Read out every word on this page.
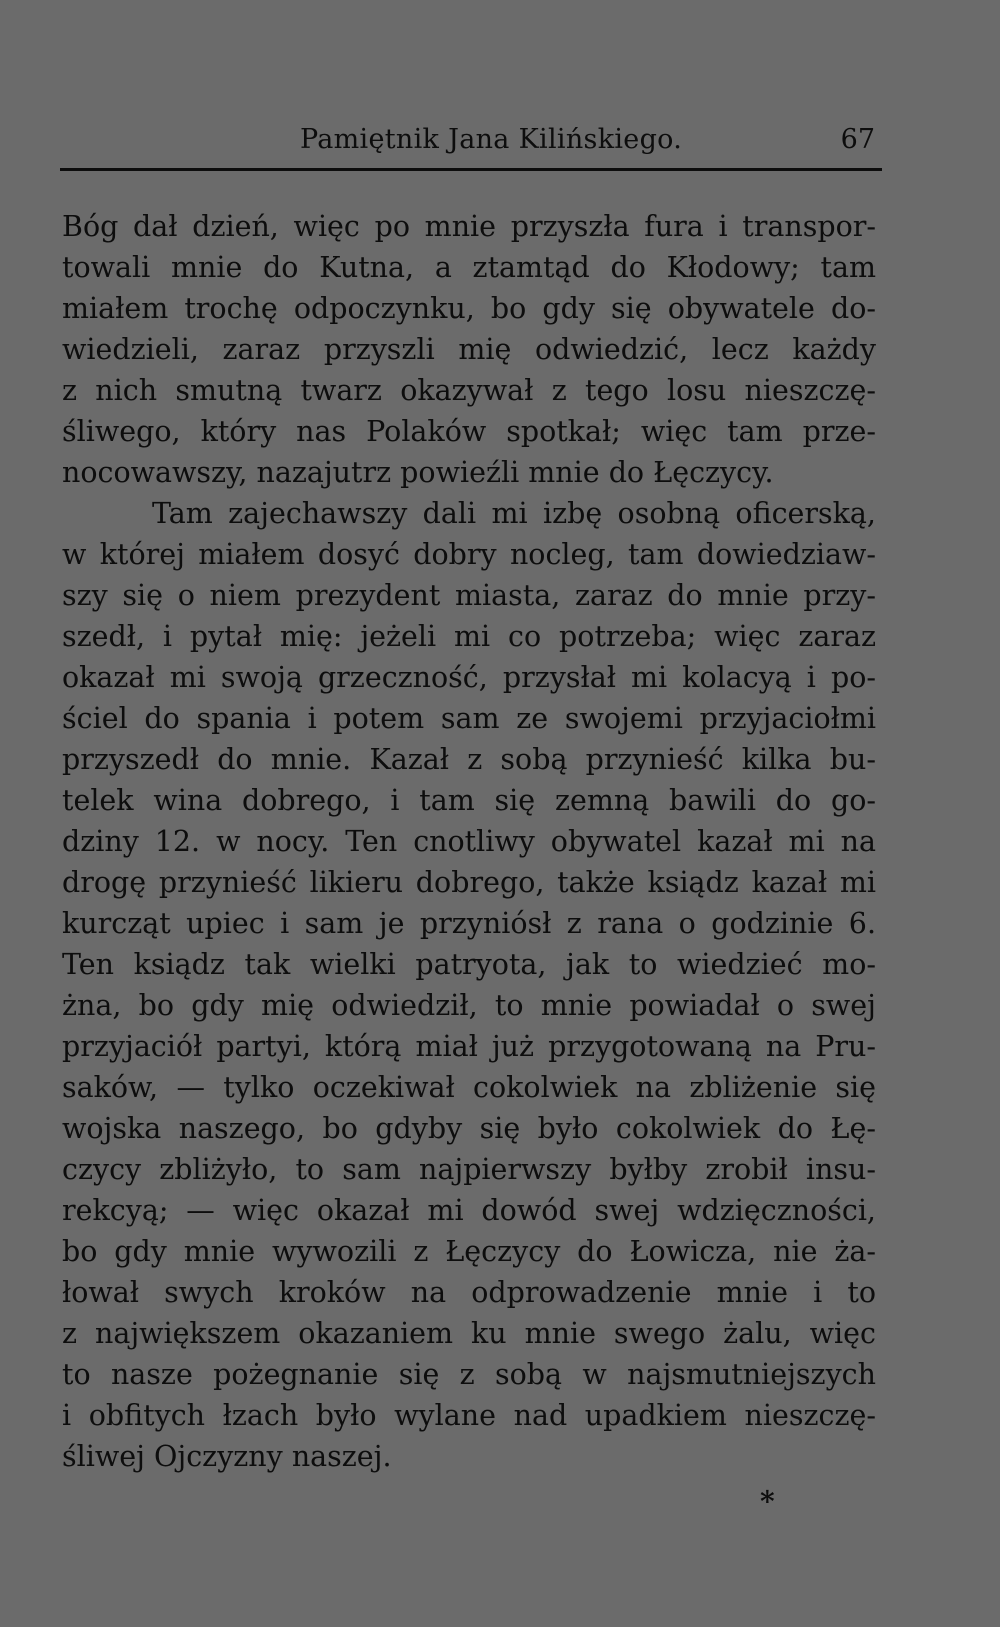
Pamiętnik Jana Kilińskiego.	67
Bóg dał dzień, więc po mnie przyszła fura i transpor-
towali mnie do Kutna, a ztamtąd do Kłodowy; tam
miałem trochę odpoczynku, bo gdy się obywatele do-
wiedzieli, zaraz przyszli mię odwiedzić, lecz każdy
z nich smutną twarz okazywał z tego losu nieszczę-
śliwego, który nas Polaków spotkał; więc tam prze-
nocowawszy, nazajutrz powieźli mnie do Łęczycy.
Tam zajechawszy dali mi izbę osobną oficerską,
w której miałem dosyć dobry nocleg, tam dowiedziaw-
szy się o niem prezydent miasta, zaraz do mnie przy-
szedł, i pytał mię: jeżeli mi co potrzeba; więc zaraz
okazał mi swoją grzeczność, przysłał mi kolacyą i po-
ściel do spania i potem sam ze swojemi przyjaciołmi
przyszedł do mnie. Kazał z sobą przynieść kilka bu-
telek wina dobrego, i tam się zemną bawili do go-
dziny 12. w nocy. Ten cnotliwy obywatel kazał mi na
drogę przynieść likieru dobrego, także ksiądz kazał mi
kurcząt upiec i sam je przyniósł z rana o godzinie 6.
Ten ksiądz tak wielki patryota, jak to wiedzieć mo-
żna, bo gdy mię odwiedził, to mnie powiadał o swej
przyjaciół partyi, którą miał już przygotowaną na Pru-
saków, — tylko oczekiwał cokolwiek na zbliżenie się
wojska naszego, bo gdyby się było cokolwiek do Łę-
czycy zbliżyło, to sam najpierwszy byłby zrobił insu-
rekcyą; — więc okazał mi dowód swej wdzięczności,
bo gdy mnie wywozili z Łęczycy do Łowicza, nie ża-
łował swych kroków na odprowadzenie mnie i to
z największem okazaniem ku mnie swego żalu, więc
to nasze pożegnanie się z sobą w najsmutniejszych
i obfitych łzach było wylane nad upadkiem nieszczę-
śliwej Ojczyzny naszej.
*
